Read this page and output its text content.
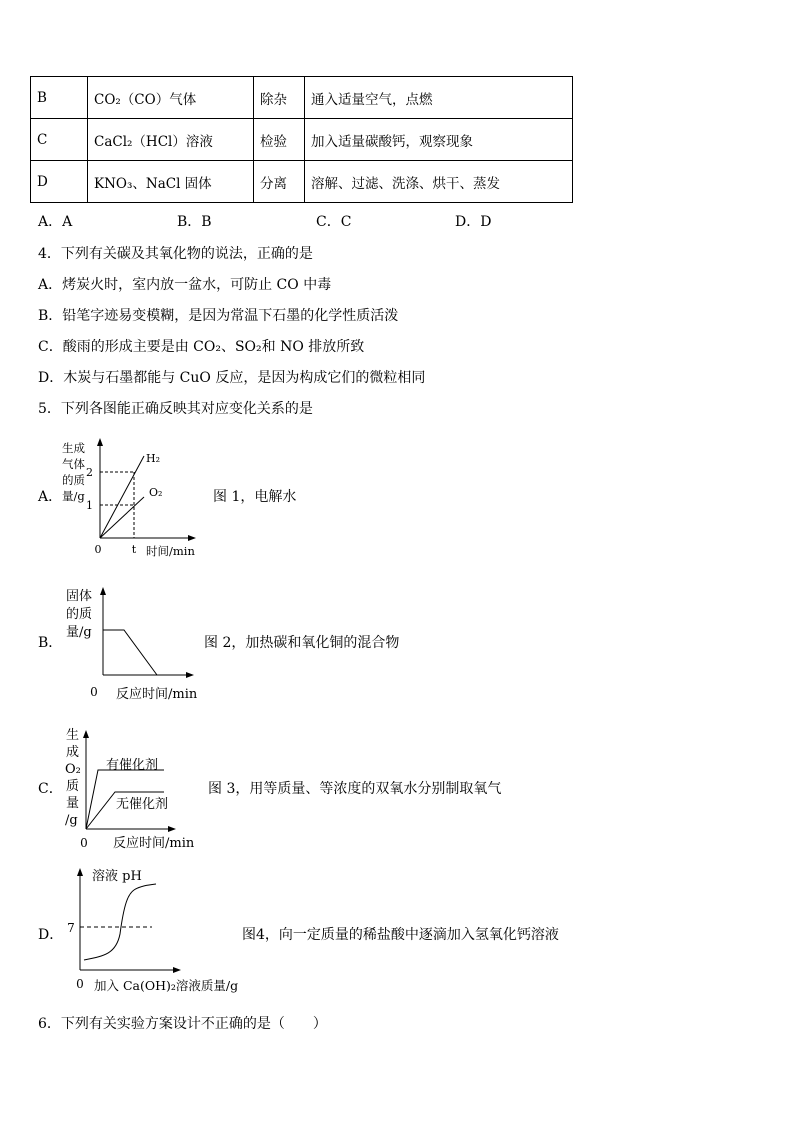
B	CO₂（CO）气体	除杂	通入适量空气，点燃
C	CaCl₂（HCl）溶液	检验	加入适量碳酸钙，观察现象
D	KNO₃、NaCl 固体	分离	溶解、过滤、洗涤、烘干、蒸发
A．A	B．B	C．C	D．D
4．下列有关碳及其氧化物的说法，正确的是
A．烤炭火时，室内放一盆水，可防止 CO 中毒
B．铅笔字迹易变模糊，是因为常温下石墨的化学性质活泼
C．酸雨的形成主要是由 CO₂、SO₂和 NO 排放所致
D．木炭与石墨都能与 CuO 反应，是因为构成它们的微粒相同
5．下列各图能正确反映其对应变化关系的是
A．
生成
气体
的质
量/g
2
1
H₂
O₂
0	t 时间/min
图 1，电解水
B．
固体
的质
量/g
0 反应时间/min
图 2，加热碳和氧化铜的混合物
C．
生
成
O₂
质
量
/g
有催化剂
无催化剂
0 反应时间/min
图 3，用等质量、等浓度的双氧水分别制取氧气
D．
溶液 pH
7
0 加入 Ca(OH)₂溶液质量/g
图4，向一定质量的稀盐酸中逐滴加入氢氧化钙溶液
6．下列有关实验方案设计不正确的是（　　）
